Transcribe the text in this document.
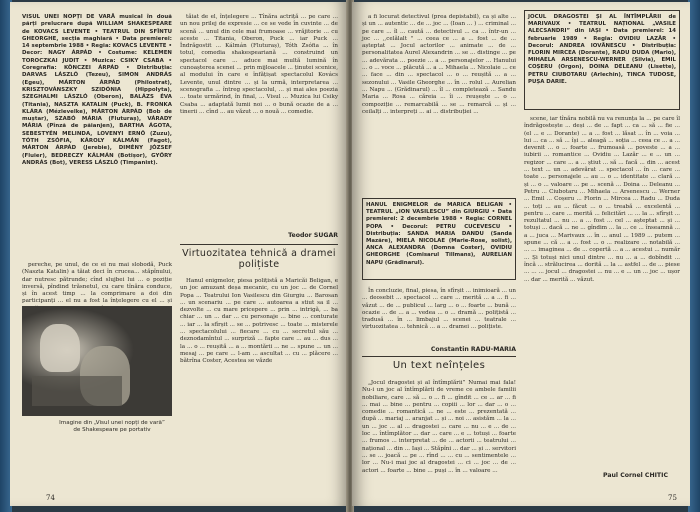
VISUL UNEI NOPȚI DE VARĂ musical în două părți prelucrare după WILLIAM SHAKESPEARE de KOVACS LEVENTE • TEATRUL DIN SFÎNTU GHEORGHE, secția maghiară • Data premierei: 14 septembrie 1988 • Regia: KOVACS LEVENTE • Decor: NAGY ÁRPÁD • Costume: KELEMEN TOROCZKAI JUDIT • Muzica: CSIKY CSABA • Coregrafia: KÖNCZEI ÁRPÁD • Distribuția: DARVAS LÁSZLÓ (Tezeu), SIMON ANDRÁS (Egeu), MÁRTON ÁRPÁD (Philostrat), KRISZTOVÁNSZKY SZIDÓNIA (Hippolyta), SZEGHALMI LÁSZLÓ (Oberon), BALÁZS ÉVA (Titania), NASZTA KATALIN (Puck), B. FRONKA KLÁRA (Mézlevelke), MÁRTON ÁRPÁD (Bob de muștar), SZABÓ MÁRIA (Fluturaș), VÁRADY MÁRIA (Pînză de păianjen), BARTHA ÁGOTA, SEBESTYÉN MELINDA, LOVENYI ERNŐ (Zuzu), TÓTH ZSÓFIA, KÁROLY KÁLMÁN (Fagot), MÁRTON ÁRPÁD (Jerebie), DIMÉNY JÓZSEF (Fluier), BEDRECZY KÁLMÁN (Botișor), GYŐRY ANDRÁS (Bot), VERESS LÁSZLÓ (Timpanist).

pereche, pe unul, de ce ei nu mai slobodă, Puck (Naszta Katalin) a tăiat deci în crucea... stăpînului, dar nutresc pătrunde; cînd slujbei lui ... o poziție inversă, pîndind trăsnetul, cu care tînăra conduce, și în acest timp ... la comprimare a doi din participanți ... el nu a fost la înțelegere cu el ... și

Imagine din „Visul unei nopți de vară” de Shakespeare pe portativ

tăiat de el, înțelegere ... Tînăra actriță ... pe care ... un nou prilej de expresie ... ce se vede în cuvinte ... de scenă ... unul din cele mai frumoase ... vrăjitorie ... cu aceste ... Titania, Oberon, Puck ... iar Puck ... Îndrăgostit ... Kálmán (Fluturaș), Tóth Zsófia ... în totul, comedia shakespeariană ... construind un spectacol care ... aduce mai multă lumină în cunoașterea scenei ... prin mijloacele ... ținutei scenice, al modului în care e înfățișat spectacolul Kovács Levente, unul dintre ... și la urmă, interpretarea ... scenografia ... întreg spectacolul, ... și mai ales poezia ... toate urmărind, în final, ... Visul ... Muzica lui Csiky Csaba ... adaptată lumii noi ... o bună ocazie de a ... tinerii ... cînd ... au văzut ... o nouă ... comedie.

Teodor SUGAR
Virtuozitatea tehnică a dramei polițiste

Hanul enigmelor, piesa polițistă a Maricăi Beligan, e un joc amuzant deșa mecanic, cu un joc ... de Cornel Popa ... Teatrului Ion Vasilescu din Giurgiu ... Barosan ... un scenariu ... pe care ... autoarea a stiut sa il ... dezvolte ... cu mare pricepere ... prin ... intrigă, ... ba chiar ... un ... dar ... cu personaje ... bine ... conturate ... iar ... la sfîrșit ... se ... potrivesc ... toate ... misterele ... spectacolului ... fiecare ... cu ... secretul său ... deznodamîntul ... surpriză ... fapte care ... au ... dus ... la ... o ... reușită ... a ... montării ... ne ... spune ... un ... mesaj ... pe care ... l-am ... ascultat ... cu ... plăcere ... bătrîna Coster, Acestea se văzde

74

a fi locurat detectivul (prea depistabil), ca și alte ... și un ... autentic ... de ... joc ... (Ioan ... ) ... criminal ... pe care ... îl ... caută ... detectivul ... ca ... într-un ... joc ... ,,celălalt '' ... ceea ce ... a ... fost ... de ... așteptat ... Jocul actorilor ... animate ... de ... personalitatea Aurel Alexandrin ... se ... distinge ... pe ... adevărata ... poezie ... a ... personajelor ... Hanului ... o ... voce ... plăcută ... a ... Mihaela ... Nicolaie ... ce ... face ... din ... spectacol ... o ... reușită ... a ... sezonului ... Vasile Gheorghe ... în ... rolul ... Aurelian ... Napu ... (Grădinarul) ... îl ... completează ... Sandu Maria ... Rosa ... căreia ... îi ... reușește ... o ... compoziție ... remarcabilă ... se ... remarcă ... și ... ceilalți ... interpreți ... ai ... distribuției ...

HANUL ENIGMELOR de MARICA BELIGAN • TEATRUL „ION VASILESCU” din GIURGIU • Data premierei: 2 decembrie 1988 • Regia: CORNEL POPA • Decorul: PETRU CUCEVESCU • Distribuția: SANDA MARIA DANDU (Sanda Mazăre), MIELA NICOLAE (Marie-Rose, solist), ANCA ALEXANDRA (Domna Coster), OVIDIU GHEORGHE (Comisarul Tillmans), AURELIAN NAPU (Grădinarul).

În concluzie, final, piesa, în sfîrșit ... inimioară ... un ... deosebit ... spectacol ... care ... merită ... a ... fi ... văzut ... de ... publicul ... larg ... o ... foarte ... bună ... ocazie ... de ... a ... vedea ... o ... dramă ... polițistă ... tradusă ... în ... limbajul ... scenei ... teatrale ... virtuozitatea ... tehnică ... a ... dramei ... polițiste.

Constantin RADU-MARIA
Un text neînțeles

„Jocul dragostei și al întîmplării” Numai mai fala! Nu-i un joc al întîmplării de vreme ce ambele familii nobiliare, care ... să ... o ... fi ... gîndit ... ce ... ar ... fi ... mai ... bine ... pentru ... copiii ... lor ... dar ... o ... comedie ... romantică ... ne ... este ... prezentată ... după ... mariaj ... aranjat ... și ... noi ... asistăm ... la ... un ... joc ... al ... dragostei ... care ... nu ... e ... de ... loc ... întîmplător ... dar ... care ... e ... totuși ... foarte ... frumos ... interpretat ... de ... actorii ... teatrului ... național ... din ... Iași ... Stăpîni ... dar ... și ... servitori ... se ... joacă ... pe ... rînd ... ... cu ... sentimentele ... lor ... Nu-i mai joc al dragostei ... ci ... joc ... de ... actori ... foarte ... bine ... puși ... în ... valoare ...

JOCUL DRAGOSTEI ȘI AL ÎNTÎMPLĂRII de MARIVAUX • TEATRUL NAȚIONAL „VASILE ALECSANDRI” din IAȘI • Data premierei: 14 februarie 1989 • Regia: OVIDIU LAZĂR • Decorul: ANDREA IOVĂNESCU • Distribuția: FLORIN MIRCEA (Dorante), RADU DUDA (Mario), MIHAELA ARSENESCU-WERNER (Silvia), EMIL COȘERU (Orgon), DOINA DELEANU (Lisette), PETRU CIUBOTARU (Arlechin), TINCA TUDOSE, PUȘA DARIE.

scene, iar tînăra nobilă nu va renunța la ... pe care îl îndrăgostește ... deși ... de ... fapt ... ca ... să ... fie ... (el ... e ... Dorante) ... a ... fost ... lăsat ... în ... voia ... lui ... ca ... să ... își ... aleagă ... soția ... ceea ce ... a ... devenit ... o ... foarte ... frumoasă ... poveste ... a ... iubirii ... romantice ... Ovidiu ... Lazăr ... e ... un ... regizor ... care ... a ... știut ... să ... facă ... din ... acest ... text ... un ... adevărat ... spectacol ... în ... care ... toate ... personajele ... au ... o ... identitate ... clară ... și ... o ... valoare ... pe ... scenă ... Doina ... Deleanu ... Petru ... Ciubotaru ... Mihaela ... Arsenescu ... Werner ... Emil ... Coșeru ... Florin ... Mircea ... Radu ... Duda ... toți ... au ... făcut ... o ... treabă ... excelentă ... pentru ... care ... merită ... felicitări ... ... la ... sfîrșit ... rezultatul ... nu ... a ... fost ... cel ... așteptat ... și ... totuși ... dacă ... ne ... gîndim ... la ... ce ... înseamnă ... a ... juca ... Marivaux ... în ... anul ... 1989 ... putem ... spune ... că ... a ... fost ... o ... realizare ... notabilă ... ... ... imaginea ... de ... copertă ... a ... acestui ... număr ... Și totuși nici unul dintre ... nu ... a ... dobîndit ... încă ... strălucirea ... dorită ... la ... astfel ... de ... piese ... ... ... jocul ... dragostei ... nu ... e ... un ... joc ... ușor ... dar ... merită ... văzut.

Paul Cornel CHITIC
75
